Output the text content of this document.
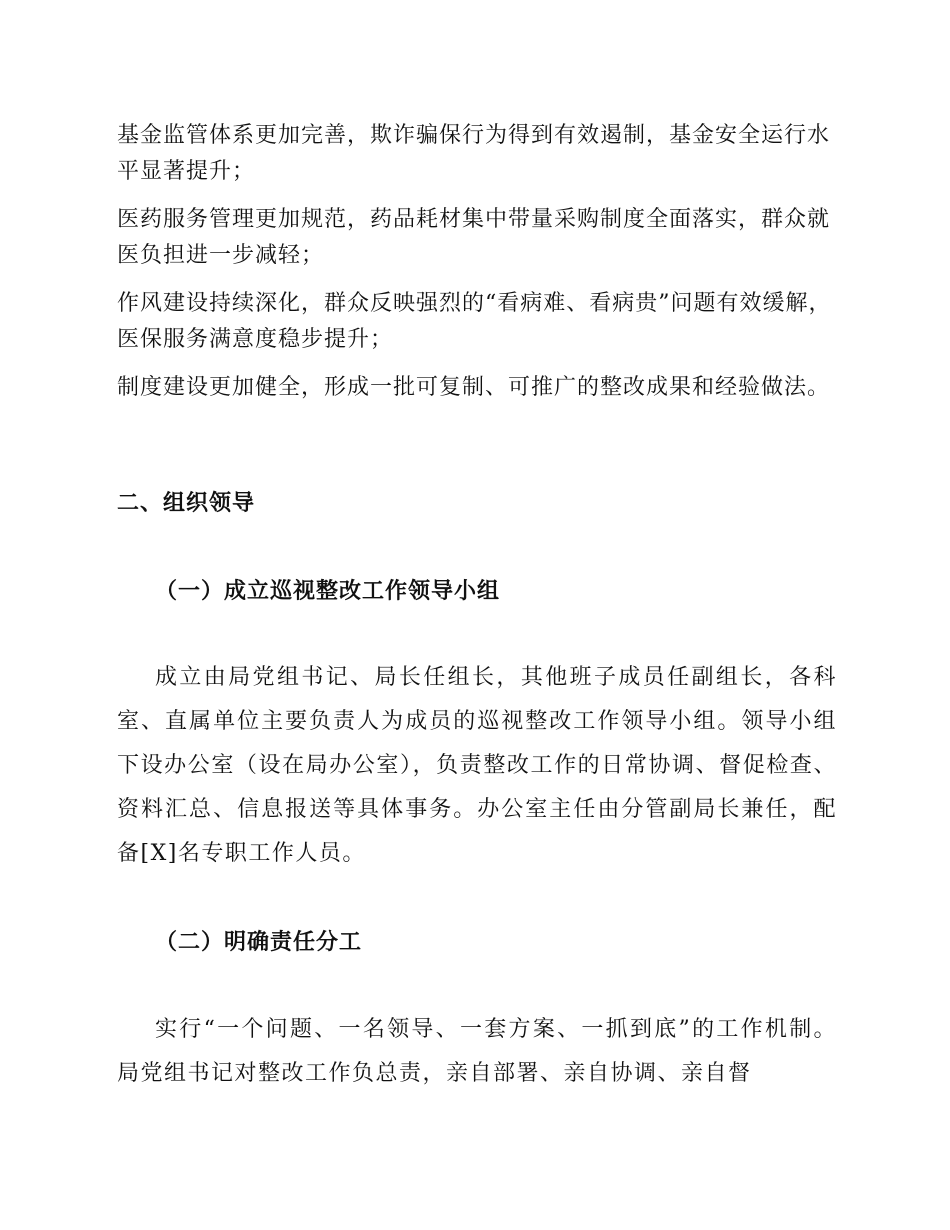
基金监管体系更加完善，欺诈骗保行为得到有效遏制，基金安全运行水平显著提升；

医药服务管理更加规范，药品耗材集中带量采购制度全面落实，群众就医负担进一步减轻；

作风建设持续深化，群众反映强烈的“看病难、看病贵”问题有效缓解，医保服务满意度稳步提升；

制度建设更加健全，形成一批可复制、可推广的整改成果和经验做法。

二、组织领导
（一）成立巡视整改工作领导小组

成立由局党组书记、局长任组长，其他班子成员任副组长，各科室、直属单位主要负责人为成员的巡视整改工作领导小组。领导小组下设办公室（设在局办公室），负责整改工作的日常协调、督促检查、资料汇总、信息报送等具体事务。办公室主任由分管副局长兼任，配备[X]名专职工作人员。

（二）明确责任分工

实行“一个问题、一名领导、一套方案、一抓到底”的工作机制。局党组书记对整改工作负总责，亲自部署、亲自协调、亲自督
